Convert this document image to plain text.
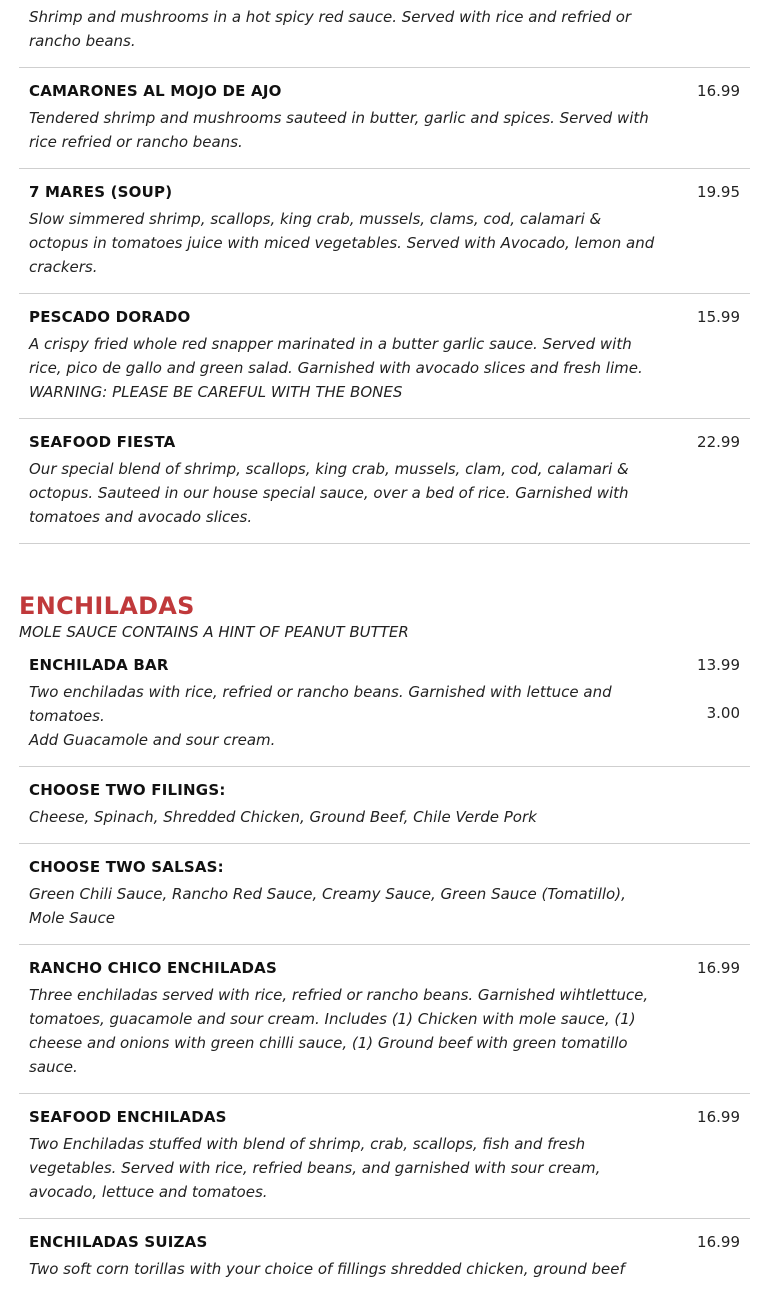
Shrimp and mushrooms in a hot spicy red sauce. Served with rice and refried or rancho beans.

CAMARONES AL MOJO DE AJO

Tendered shrimp and mushrooms sauteed in butter, garlic and spices. Served with rice refried or rancho beans.

16.99
7 MARES (SOUP)

Slow simmered shrimp, scallops, king crab, mussels, clams, cod, calamari & octopus in tomatoes juice with miced vegetables. Served with Avocado, lemon and crackers.

19.95
PESCADO DORADO

A crispy fried whole red snapper marinated in a butter garlic sauce. Served with rice, pico de gallo and green salad. Garnished with avocado slices and fresh lime. WARNING: PLEASE BE CAREFUL WITH THE BONES

15.99
SEAFOOD FIESTA

Our special blend of shrimp, scallops, king crab, mussels, clam, cod, calamari & octopus. Sauteed in our house special sauce, over a bed of rice. Garnished with tomatoes and avocado slices.

22.99
ENCHILADAS

MOLE SAUCE CONTAINS A HINT OF PEANUT BUTTER

ENCHILADA BAR

Two enchiladas with rice, refried or rancho beans. Garnished with lettuce and tomatoes.

Add Guacamole and sour cream.

13.99
3.00
CHOOSE TWO FILINGS:

Cheese, Spinach, Shredded Chicken, Ground Beef, Chile Verde Pork

CHOOSE TWO SALSAS:

Green Chili Sauce, Rancho Red Sauce, Creamy Sauce, Green Sauce (Tomatillo), Mole Sauce

RANCHO CHICO ENCHILADAS

Three enchiladas served with rice, refried or rancho beans. Garnished wihtlettuce, tomatoes, guacamole and sour cream. Includes (1) Chicken with mole sauce, (1) cheese and onions with green chilli sauce, (1) Ground beef with green tomatillo sauce.

16.99
SEAFOOD ENCHILADAS

Two Enchiladas stuffed with blend of shrimp, crab, scallops, fish and fresh vegetables. Served with rice, refried beans, and garnished with sour cream, avocado, lettuce and tomatoes.

16.99
ENCHILADAS SUIZAS

Two soft corn torillas with your choice of fillings shredded chicken, ground beef

16.99
